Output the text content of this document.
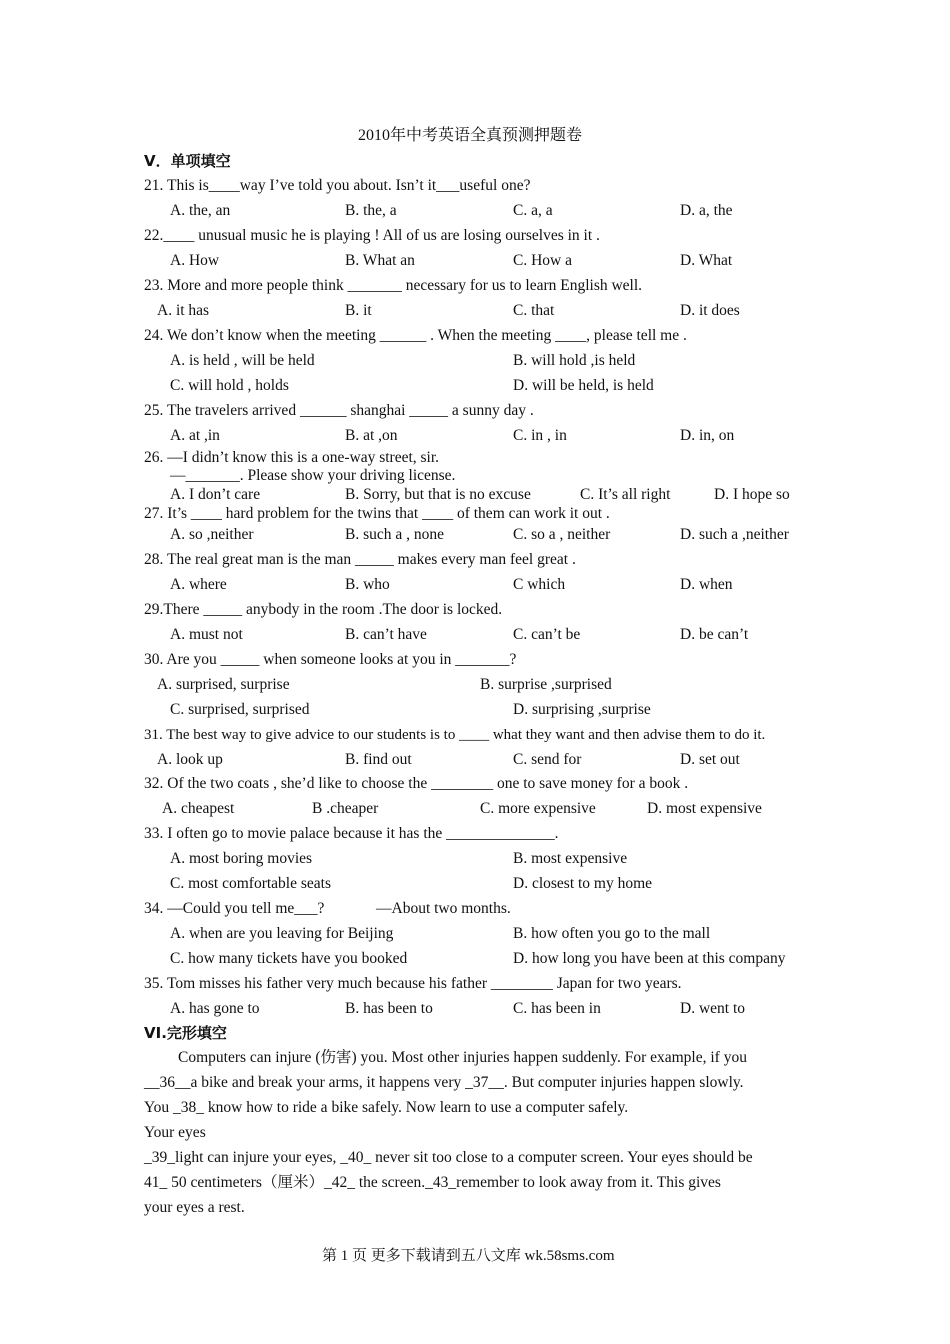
2010年中考英语全真预测押题卷
V．单项填空
21. This is____way I’ve told you about. Isn’t it___useful one?
A. the, an	B. the, a	C. a, a	D. a, the
22.____ unusual music he is playing ! All of us are losing ourselves in it .
A. How	B. What an	C. How a	D. What
23. More and more people think _______ necessary for us to learn English well.
A. it has	B. it	C. that	D. it does
24. We don’t know when the meeting ______ . When the meeting ____, please tell me .
A. is held , will be held	B. will hold ,is held
C. will hold , holds	D. will be held, is held
25. The travelers arrived ______ shanghai _____ a sunny day .
A. at ,in	B. at ,on	C. in , in	D. in, on
26. —I didn’t know this is a one-way street, sir.
—_______. Please show your driving license.
A. I don’t care	B. Sorry, but that is no excuse	C. It’s all right	D. I hope so
27. It’s ____ hard problem for the twins that ____ of them can work it out .
A. so ,neither	B. such a , none	C. so a , neither	D. such a ,neither
28. The real great man is the man _____ makes every man feel great .
A. where	B. who	C which	D. when
29.There _____ anybody in the room .The door is locked.
A. must not	B. can’t have	C. can’t be	D. be can’t
30. Are you _____ when someone looks at you in _______?
A. surprised, surprise	B. surprise ,surprised
C. surprised, surprised	D. surprising ,surprise
31. The best way to give advice to our students is to ____ what they want and then advise them to do it.
A. look up	B. find out	C. send for	D. set out
32. Of the two coats , she’d like to choose the ________ one to save money for a book .
A. cheapest	B .cheaper	C. more expensive	D. most expensive
33. I often go to movie palace because it has the ______________.
A. most boring movies	B. most expensive
C. most comfortable seats	D. closest to my home
34. —Could you tell me___?	—About two months.
A. when are you leaving for Beijing	B. how often you go to the mall
C. how many tickets have you booked	D. how long you have been at this company
35. Tom misses his father very much because his father ________ Japan for two years.
A. has gone to	B. has been to	C. has been in	D. went to
VI.完形填空
Computers can injure (伤害) you. Most other injuries happen suddenly. For example, if you
__36__a bike and break your arms, it happens very _37__. But computer injuries happen slowly.
You _38_ know how to ride a bike safely. Now learn to use a computer safely.
Your eyes
_39_light can injure your eyes, _40_ never sit too close to a computer screen. Your eyes should be
41_ 50 centimeters（厘米）_42_ the screen._43_remember to look away from it. This gives
your eyes a rest.
第 1 页 更多下载请到五八文库 wk.58sms.com
